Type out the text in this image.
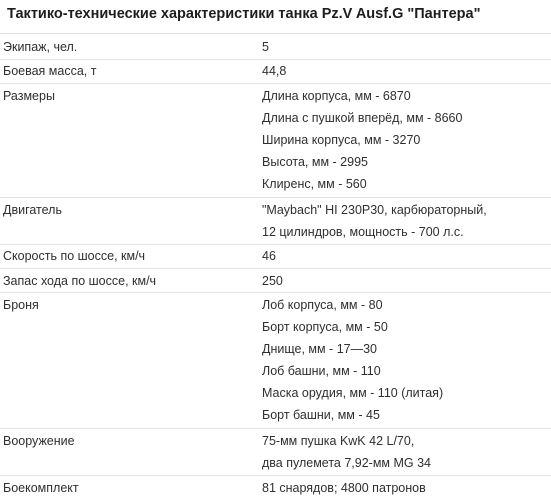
Тактико-технические характеристики танка Pz.V Ausf.G "Пантера"
Экипаж, чел.	5
Боевая масса, т	44,8
Размеры	Длина корпуса, мм - 6870
Длина с пушкой вперёд, мм - 8660
Ширина корпуса, мм - 3270
Высота, мм - 2995
Клиренс, мм - 560
Двигатель	"Maybach" HI 230P30, карбюраторный,
12 цилиндров, мощность - 700 л.с.
Скорость по шоссе, км/ч	46
Запас хода по шоссе, км/ч	250
Броня	Лоб корпуса, мм - 80
Борт корпуса, мм - 50
Днище, мм - 17—30
Лоб башни, мм - 110
Маска орудия, мм - 110 (литая)
Борт башни, мм - 45
Вооружение	75-мм пушка KwK 42 L/70,
два пулемета 7,92-мм MG 34
Боекомплект	81 снарядов; 4800 патронов
